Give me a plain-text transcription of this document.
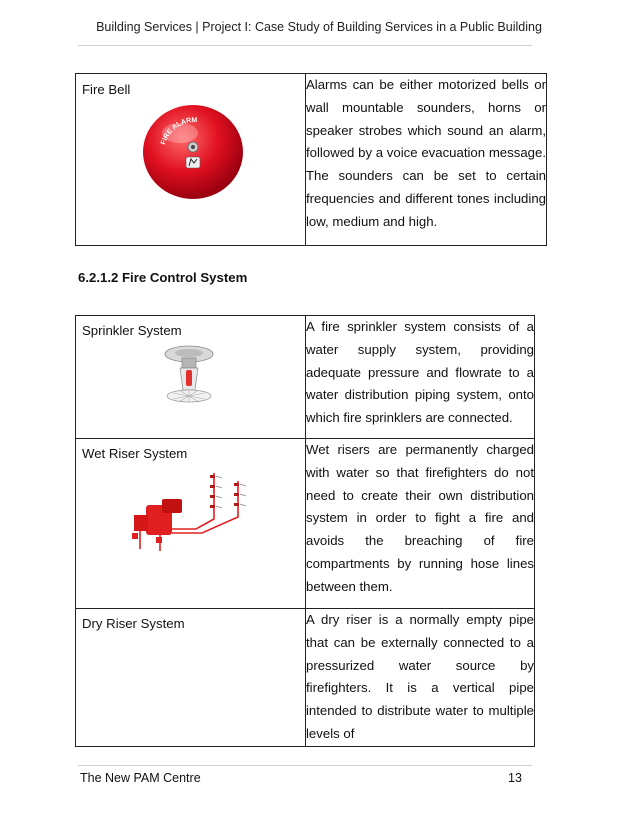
Building Services | Project I: Case Study of Building Services in a Public Building
Fire Bell
FIRE ALARM
	Alarms can be either motorized bells or wall mountable sounders, horns or speaker strobes which sound an alarm, followed by a voice evacuation message. The sounders can be set to certain frequencies and different tones including low, medium and high.
6.2.1.2 Fire Control System
Sprinkler System	A fire sprinkler system consists of a water supply system, providing adequate pressure and flowrate to a water distribution piping system, onto which fire sprinklers are connected.

Wet Riser System	Wet risers are permanently charged with water so that firefighters do not need to create their own distribution system in order to fight a fire and avoids the breaching of fire compartments by running hose lines between them.

Dry Riser System	A dry riser is a normally empty pipe that can be externally connected to a pressurized water source by firefighters. It is a vertical pipe intended to distribute water to multiple levels of
The New PAM Centre	13
